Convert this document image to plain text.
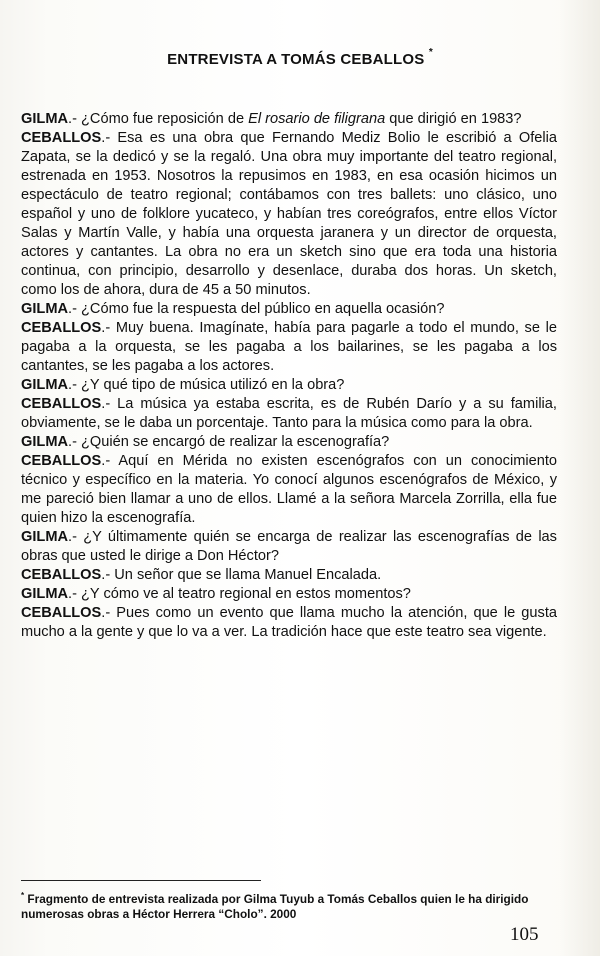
ENTREVISTA A TOMÁS CEBALLOS *

GILMA.- ¿Cómo fue reposición de El rosario de filigrana que dirigió en 1983?

CEBALLOS.- Esa es una obra que Fernando Mediz Bolio le escribió a Ofelia Zapata, se la dedicó y se la regaló. Una obra muy importante del teatro regional, estrenada en 1953. Nosotros la repusimos en 1983, en esa ocasión hicimos un espectáculo de teatro regional; contábamos con tres ballets: uno clásico, uno español y uno de folklore yucateco, y habían tres coreógrafos, entre ellos Víctor Salas y Martín Valle, y había una orquesta jaranera y un director de orquesta, actores y cantantes. La obra no era un sketch sino que era toda una historia continua, con principio, desarrollo y desenlace, duraba dos horas. Un sketch, como los de ahora, dura de 45 a 50 minutos.

GILMA.- ¿Cómo fue la respuesta del público en aquella ocasión?

CEBALLOS.- Muy buena. Imagínate, había para pagarle a todo el mundo, se le pagaba a la orquesta, se les pagaba a los bailarines, se les pagaba a los cantantes, se les pagaba a los actores.

GILMA.- ¿Y qué tipo de música utilizó en la obra?

CEBALLOS.- La música ya estaba escrita, es de Rubén Darío y a su familia, obviamente, se le daba un porcentaje. Tanto para la música como para la obra.

GILMA.- ¿Quién se encargó de realizar la escenografía?

CEBALLOS.- Aquí en Mérida no existen escenógrafos con un conocimiento técnico y específico en la materia. Yo conocí algunos escenógrafos de México, y me pareció bien llamar a uno de ellos. Llamé a la señora Marcela Zorrilla, ella fue quien hizo la escenografía.

GILMA.- ¿Y últimamente quién se encarga de realizar las escenografías de las obras que usted le dirige a Don Héctor?

CEBALLOS.- Un señor que se llama Manuel Encalada.

GILMA.- ¿Y cómo ve al teatro regional en estos momentos?

CEBALLOS.- Pues como un evento que llama mucho la atención, que le gusta mucho a la gente y que lo va a ver. La tradición hace que este teatro sea vigente.

* Fragmento de entrevista realizada por Gilma Tuyub a Tomás Ceballos quien le ha dirigido numerosas obras a Héctor Herrera “Cholo”. 2000
105
